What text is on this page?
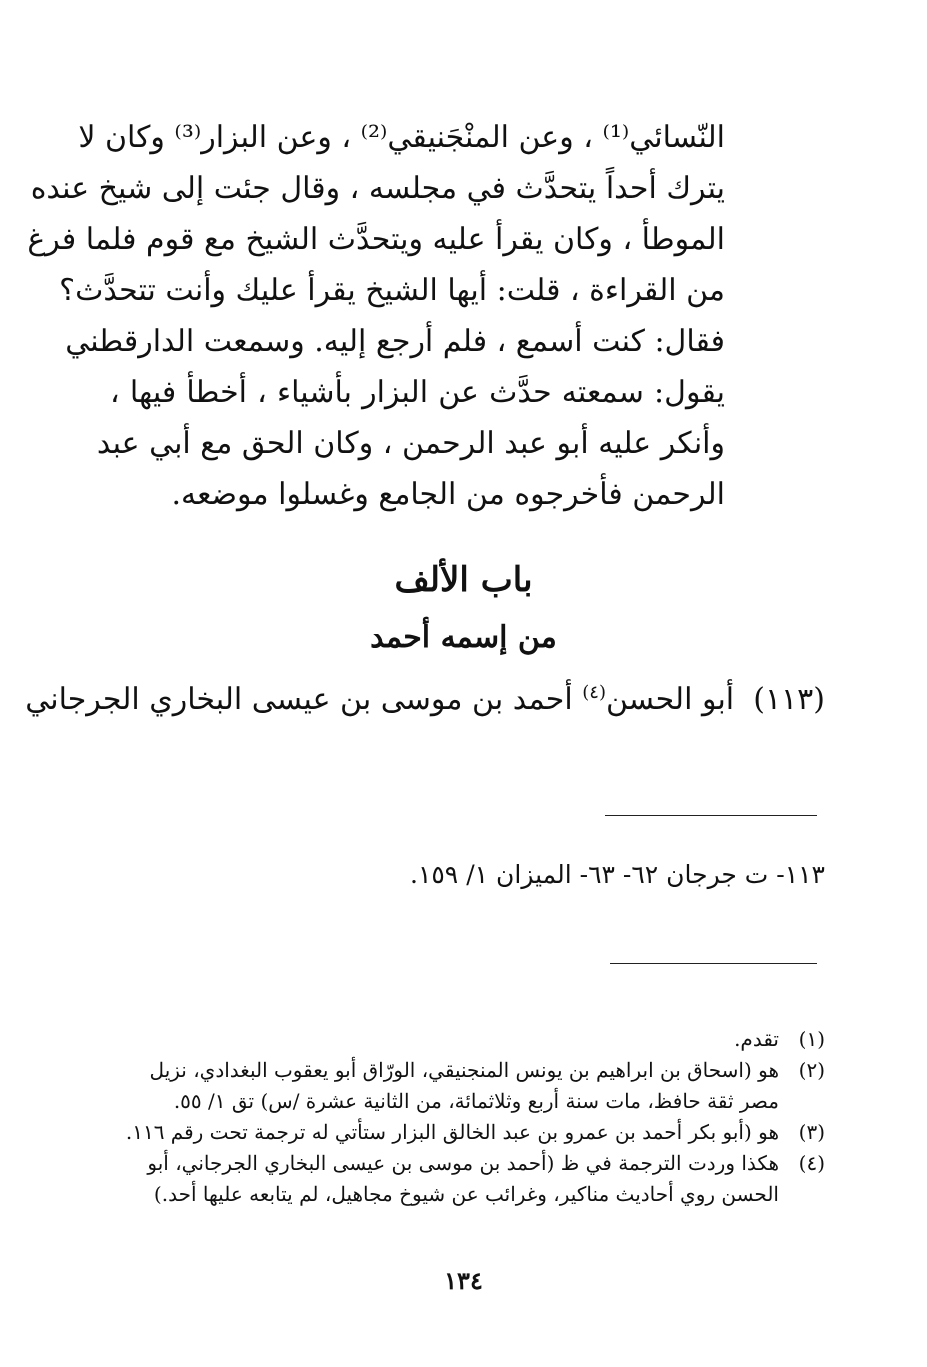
النّسائي⁽¹⁾ ، وعن المنْجَنيقي⁽²⁾ ، وعن البزار⁽³⁾ وكان لا
يترك أحداً يتحدَّث في مجلسه ، وقال جئت إلى شيخ عنده
الموطأ ، وكان يقرأ عليه ويتحدَّث الشيخ مع قوم فلما فرغ
من القراءة ، قلت: أيها الشيخ يقرأ عليك وأنت تتحدَّث؟
فقال: كنت أسمع ، فلم أرجع إليه. وسمعت الدارقطني
يقول: سمعته حدَّث عن البزار بأشياء ، أخطأ فيها ،
وأنكر عليه أبو عبد الرحمن ، وكان الحق مع أبي عبد
الرحمن فأخرجوه من الجامع وغسلوا موضعه.
باب الألف
من إسمه أحمد
(١١٣)  أبو الحسن$^{(٤)}$ أحمد بن موسى بن عيسى البخاري الجرجاني
١١٣- ت جرجان ٦٢- ٦٣- الميزان ١/ ١٥٩.
(١)
تقدم.
(٢)
هو (اسحاق بن ابراهيم بن يونس المنجنيقي، الورّاق أبو يعقوب البغدادي، نزيل
مصر ثقة حافظ، مات سنة أربع وثلاثمائة، من الثانية عشرة /س) تق ١/ ٥٥.
(٣)
هو (أبو بكر أحمد بن عمرو بن عبد الخالق البزار ستأتي له ترجمة تحت رقم ١١٦.
(٤)
هكذا وردت الترجمة في ظ (أحمد بن موسى بن عيسى البخاري الجرجاني، أبو
الحسن روي أحاديث مناكير، وغرائب عن شيوخ مجاهيل، لم يتابعه عليها أحد.)
١٣٤
